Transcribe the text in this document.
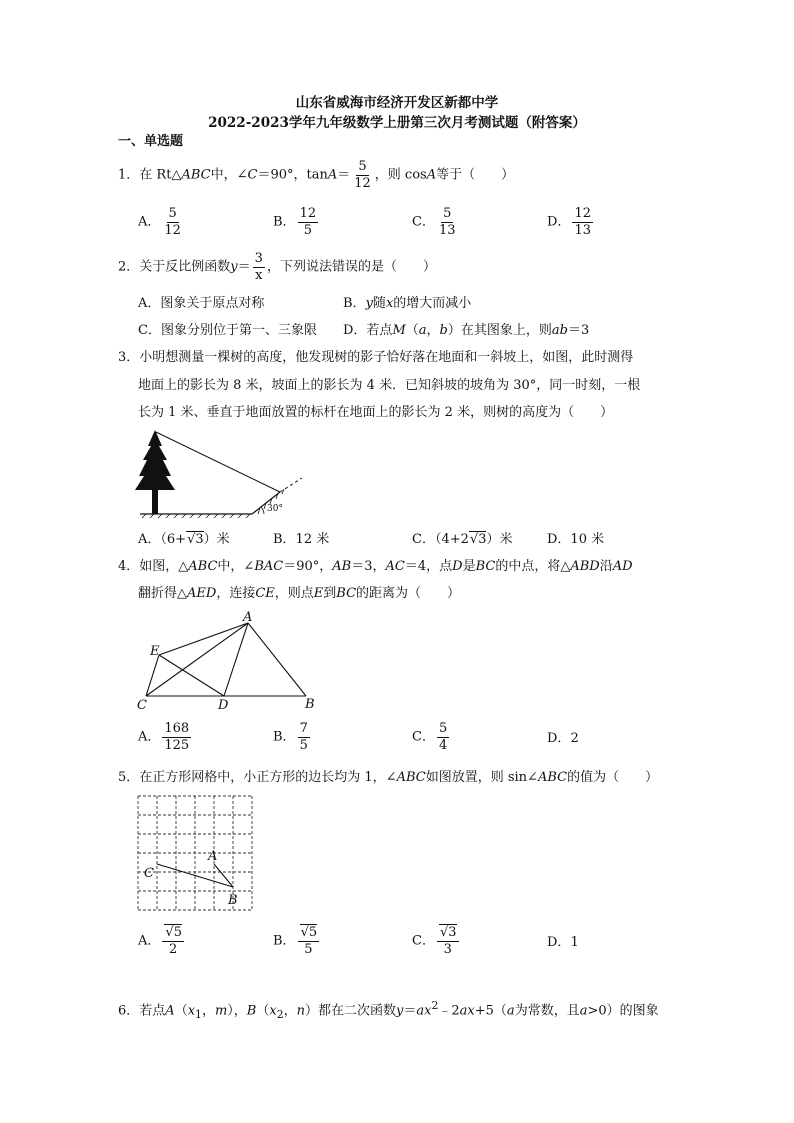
山东省威海市经济开发区新都中学
2022-2023学年九年级数学上册第三次月考测试题（附答案）
一、单选题
1．在 Rt△ABC中，∠C＝90°，$\tan A= \frac{5}{12}$ ，则 cosA等于（　　）
A． $\frac{5}{12}$	B． $\frac{12}{5}$	C． $\frac{5}{13}$	D． $\frac{12}{13}$
2．关于反比例函数$y= \frac{3}{x}$ ，下列说法错误的是（　　）
A．图象关于原点对称	B．y随x的增大而减小
C．图象分别位于第一、三象限 D．若点M（a，b）在其图象上，则ab＝3
3．小明想测量一棵树的高度，他发现树的影子恰好落在地面和一斜坡上，如图，此时测得
地面上的影长为 8 米，坡面上的影长为 4 米．已知斜坡的坡角为 30°，同一时刻，一根
长为 1 米、垂直于地面放置的标杆在地面上的影长为 2 米，则树的高度为（　　）
30°
A．（6+√3）米	B．12 米	C．（4+2√3）米	D．10 米
4．如图，△ABC中，∠BAC＝90°，AB＝3，AC＝4，点D是BC的中点，将△ABD沿AD
翻折得△AED，连接CE，则点E到BC的距离为（　　）
A
E
C	D	B
A． $\frac{168}{125}$	B． $\frac{7}{5}$	C． $\frac{5}{4}$	D．2
5．在正方形网格中，小正方形的边长均为 1，∠ABC如图放置，则 sin∠ABC的值为（　　）
A
C
B
A． $\frac{√5}{2}$	B． $\frac{√5}{5}$	C． $\frac{√3}{3}$	D．1
6．若点$A(x_1$，m），$B(x_2$，n）都在二次函数$y=ax^2﹣2ax+5(a$为常数，且a>0）的图象
